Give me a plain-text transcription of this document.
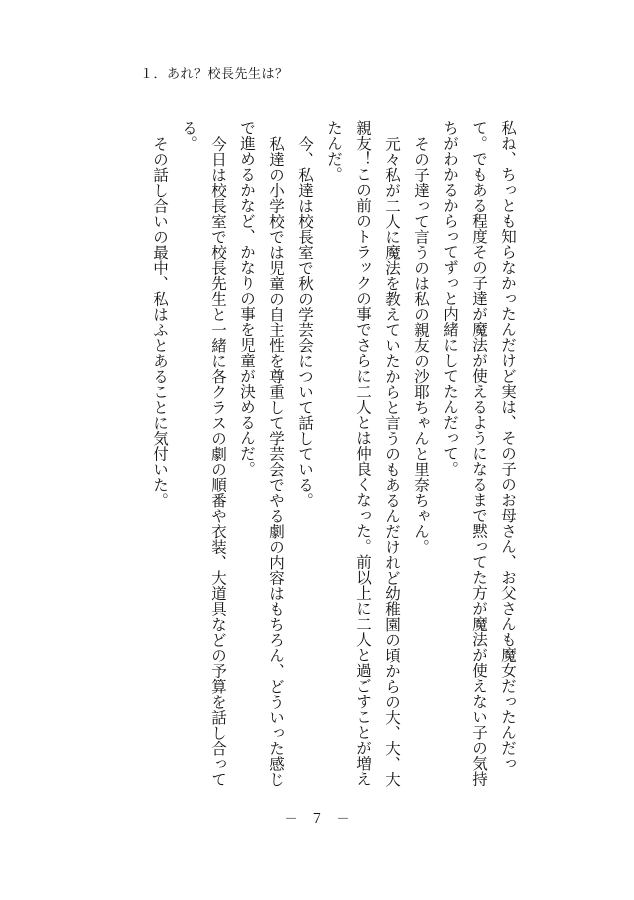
１．あれ？校長先生は？

私ね、ちっとも知らなかったんだけど実は、その子のお母さん、お父さんも魔女だったんだって。でもある程度その子達が魔法が使えるようになるまで黙ってた方が魔法が使えない子の気持ちがわかるからってずっと内緒にしてたんだって。

その子達って言うのは私の親友の沙耶ちゃんと里奈ちゃん。

元々私が二人に魔法を教えていたからと言うのもあるんだけれど幼稚園の頃からの大、大、大親友！この前のトラックの事でさらに二人とは仲良くなった。前以上に二人と過ごすことが増えたんだ。

今、私達は校長室で秋の学芸会について話している。

私達の小学校では児童の自主性を尊重して学芸会でやる劇の内容はもちろん、どういった感じで進めるかなど、かなりの事を児童が決めるんだ。

今日は校長室で校長先生と一緒に各クラスの劇の順番や衣装、大道具などの予算を話し合ってる。

その話し合いの最中、私はふとあることに気付いた。

－　７　－
